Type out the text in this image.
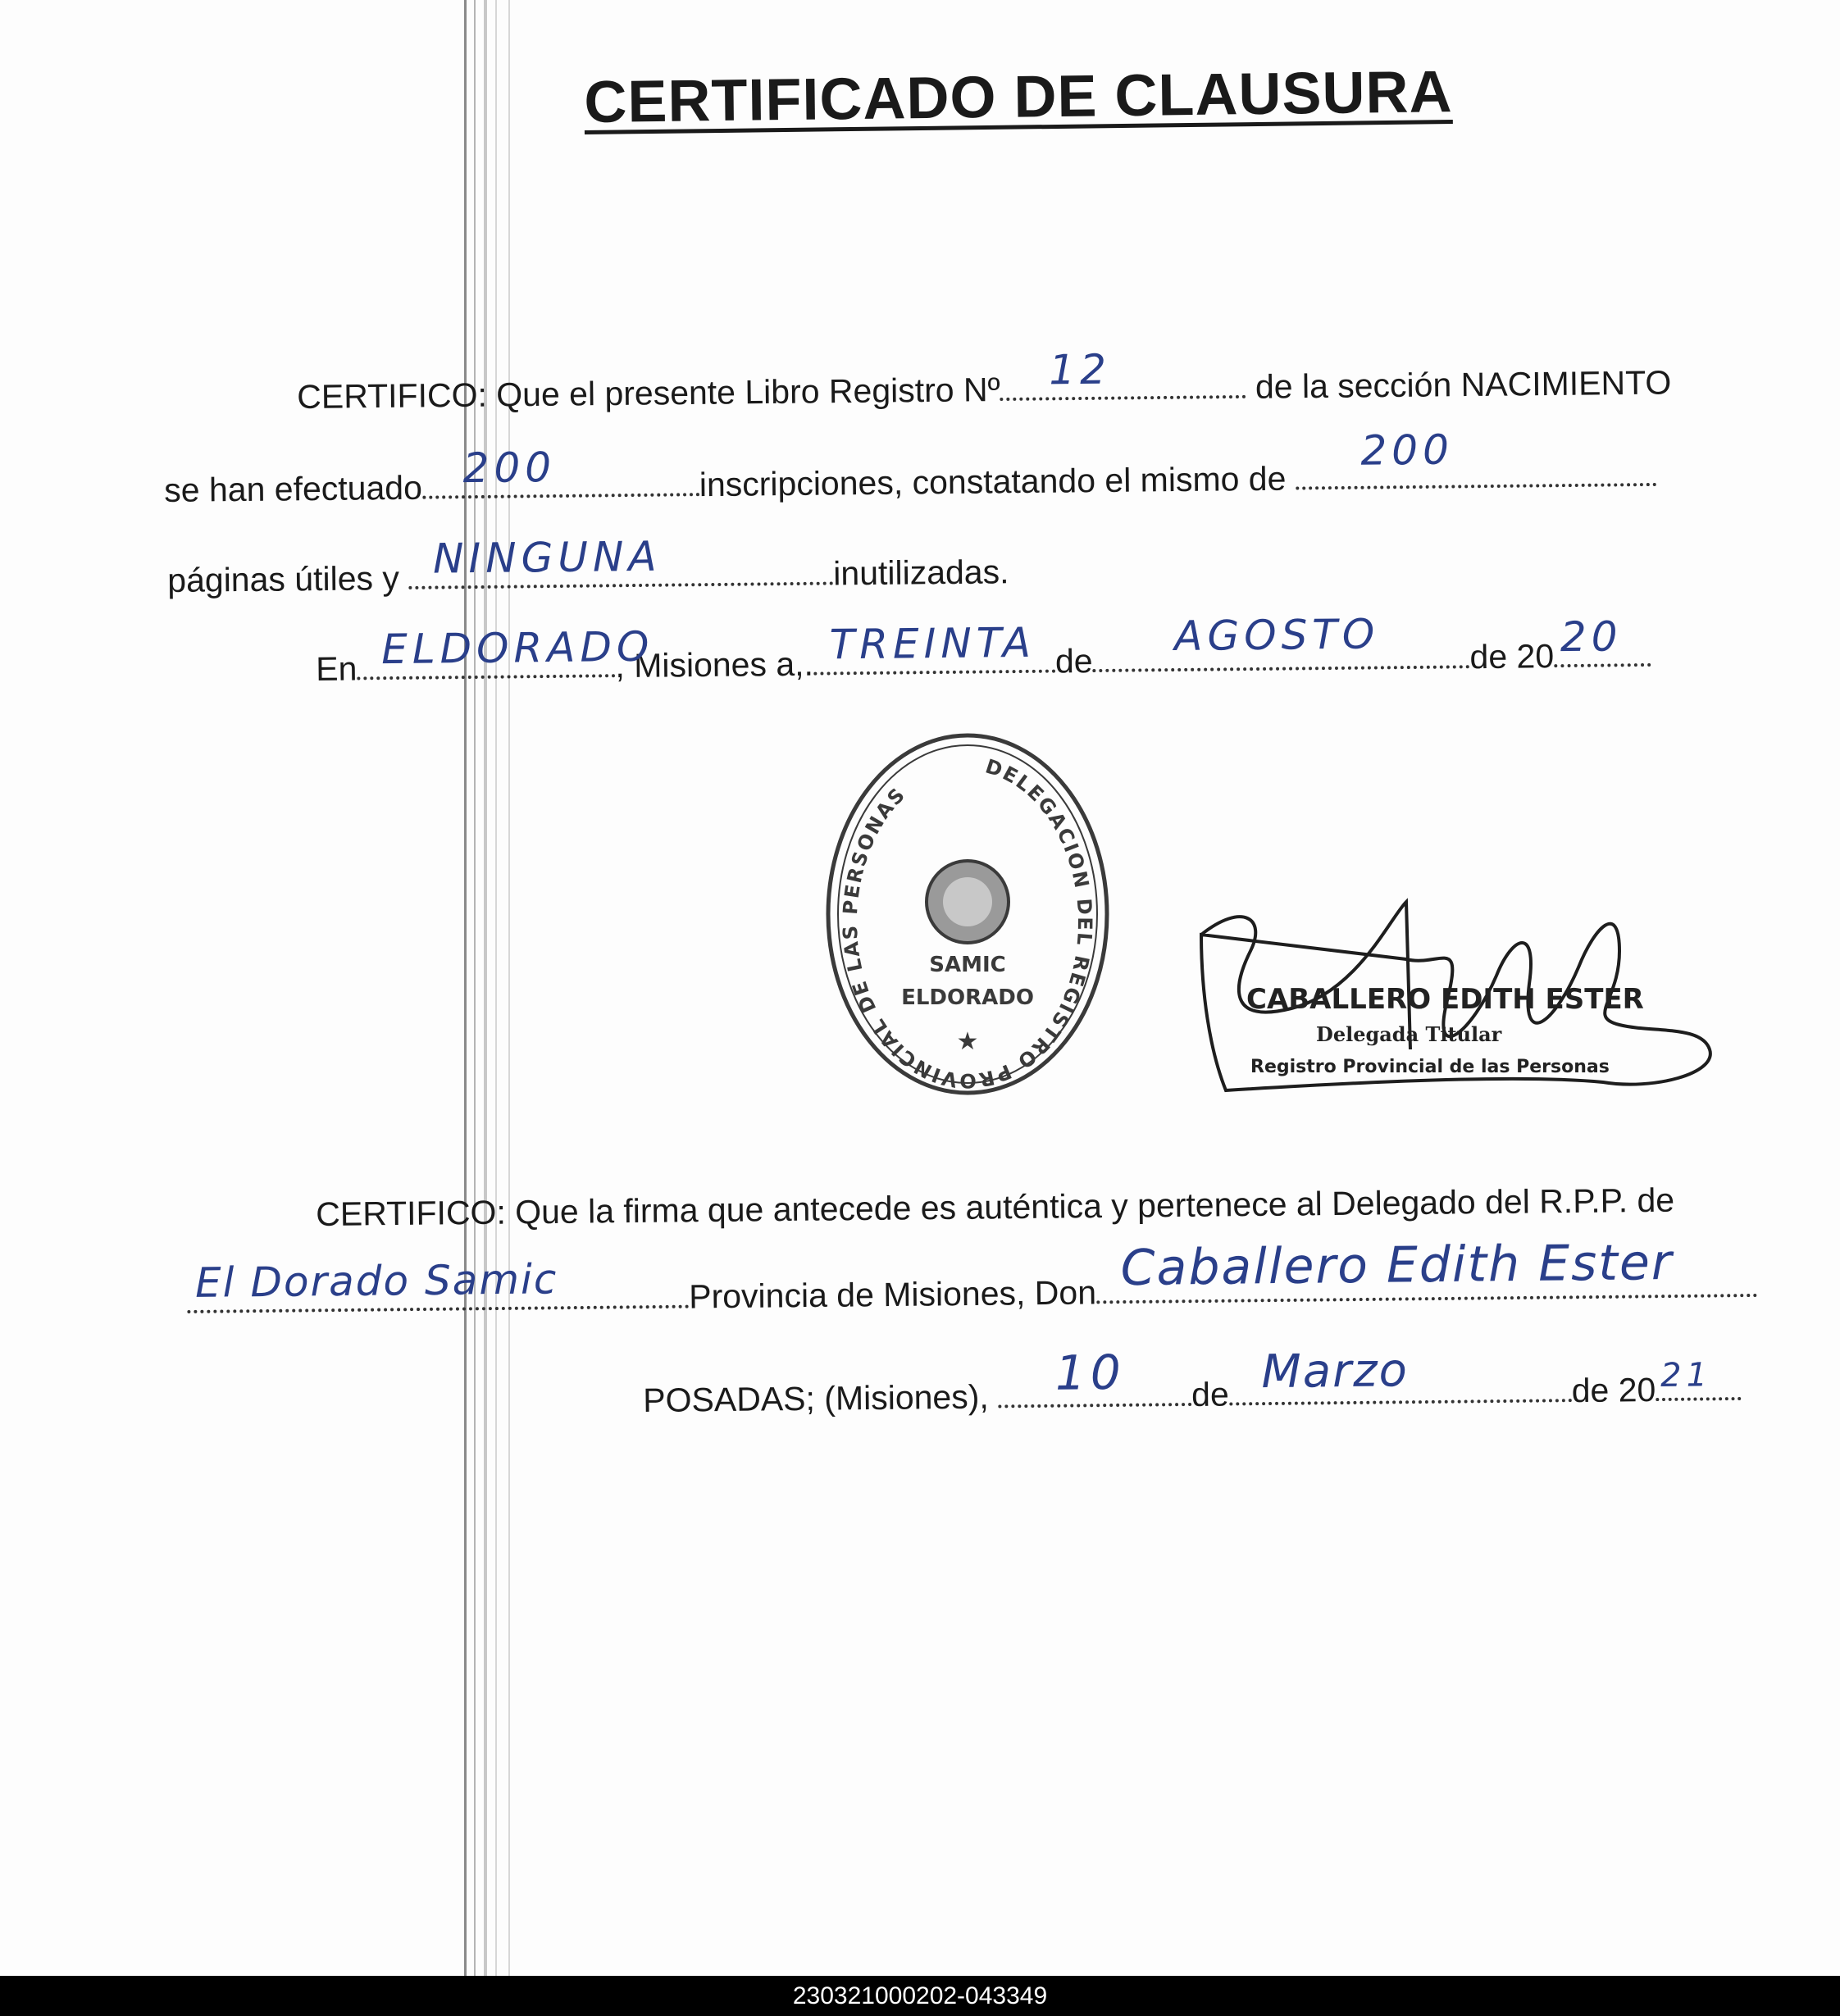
CERTIFICADO DE CLAUSURA
CERTIFICO: Que el presente Libro Registro Nº 12	de la sección NACIMIENTO
se han efectuado 200	inscripciones, constatando el mismo de
200
páginas útiles y NINGUNA	inutilizadas.
En ELDORADO
, Misiones a,. TREINTA de
AGOSTO	de 20 20
DELEGACION DEL REGISTRO PROVINCIAL DE LAS PERSONAS
SAMIC
ELDORADO
★
CABALLERO EDITH ESTER
Delegada Titular
Registro Provincial de las Personas
CERTIFICO: Que la firma que antecede es auténtica y pertenece al Delegado del R.P.P. de
El Dorado Samic	Provincia de Misiones, Don Caballero Edith Ester
POSADAS; (Misiones), 10 de Marzo	de 20 21
230321000202-043349
